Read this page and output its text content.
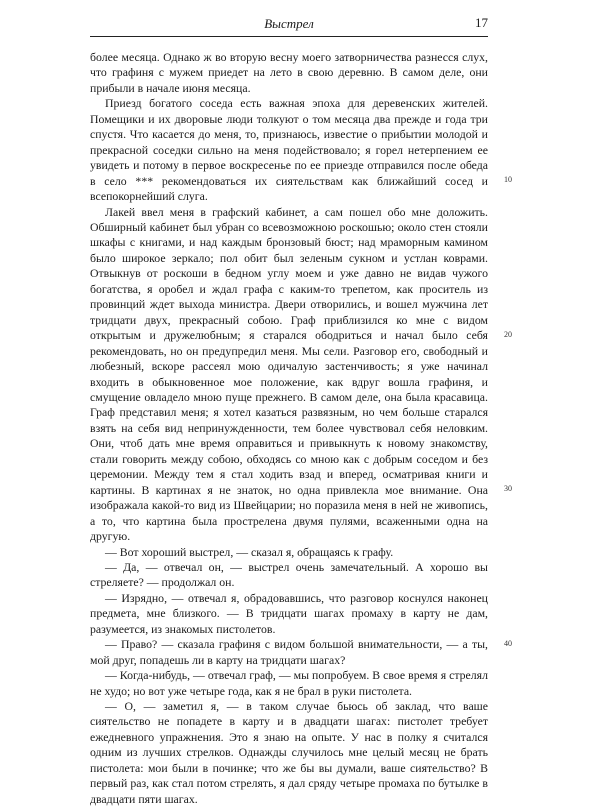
Выстрел	17

более месяца. Однако ж во вторую весну моего затворничества разнесся слух, что графиня с мужем приедет на лето в свою деревню. В самом деле, они прибыли в начале июня месяца.

Приезд богатого соседа есть важная эпоха для деревенских жителей. Помещики и их дворовые люди толкуют о том месяца два прежде и года три спустя. Что касается до меня, то, признаюсь, известие о прибытии молодой и прекрасной соседки сильно на меня подействовало; я горел нетерпением ее увидеть и потому в первое воскресенье по ее приезде отправился после обеда в село *** рекомендоваться их сиятельствам как ближайший сосед и всепокорнейший слуга.

Лакей ввел меня в графский кабинет, а сам пошел обо мне доложить. Обширный кабинет был убран со всевозможною роскошью; около стен стояли шкафы с книгами, и над каждым бронзовый бюст; над мраморным камином было широкое зеркало; пол обит был зеленым сукном и устлан коврами. Отвыкнув от роскоши в бедном углу моем и уже давно не видав чужого богатства, я оробел и ждал графа с каким-то трепетом, как проситель из провинций ждет выхода министра. Двери отворились, и вошел мужчина лет тридцати двух, прекрасный собою. Граф приблизился ко мне с видом открытым и дружелюбным; я старался ободриться и начал было себя рекомендовать, но он предупредил меня. Мы сели. Разговор его, свободный и любезный, вскоре рассеял мою одичалую застенчивость; я уже начинал входить в обыкновенное мое положение, как вдруг вошла графиня, и смущение овладело мною пуще прежнего. В самом деле, она была красавица. Граф представил меня; я хотел казаться развязным, но чем больше старался взять на себя вид непринужденности, тем более чувствовал себя неловким. Они, чтоб дать мне время оправиться и привыкнуть к новому знакомству, стали говорить между собою, обходясь со мною как с добрым соседом и без церемонии. Между тем я стал ходить взад и вперед, осматривая книги и картины. В картинах я не знаток, но одна привлекла мое внимание. Она изображала какой-то вид из Швейцарии; но поразила меня в ней не живопись, а то, что картина была прострелена двумя пулями, всаженными одна на другую.

— Вот хороший выстрел, — сказал я, обращаясь к графу.

— Да, — отвечал он, — выстрел очень замечательный. А хорошо вы стреляете? — продолжал он.

— Изрядно, — отвечал я, обрадовавшись, что разговор коснулся наконец предмета, мне близкого. — В тридцати шагах промаху в карту не дам, разумеется, из знакомых пистолетов.

— Право? — сказала графиня с видом большой внимательности, — а ты, мой друг, попадешь ли в карту на тридцати шагах?

— Когда-нибудь, — отвечал граф, — мы попробуем. В свое время я стрелял не худо; но вот уже четыре года, как я не брал в руки пистолета.

— О, — заметил я, — в таком случае бьюсь об заклад, что ваше сиятельство не попадете в карту и в двадцати шагах: пистолет требует ежедневного упражнения. Это я знаю на опыте. У нас в полку я считался одним из лучших стрелков. Однажды случилось мне целый месяц не брать пистолета: мои были в починке; что же бы вы думали, ваше сиятельство? В первый раз, как стал потом стрелять, я дал сряду четыре промаха по бутылке в двадцати пяти шагах.

10
20
30
40
